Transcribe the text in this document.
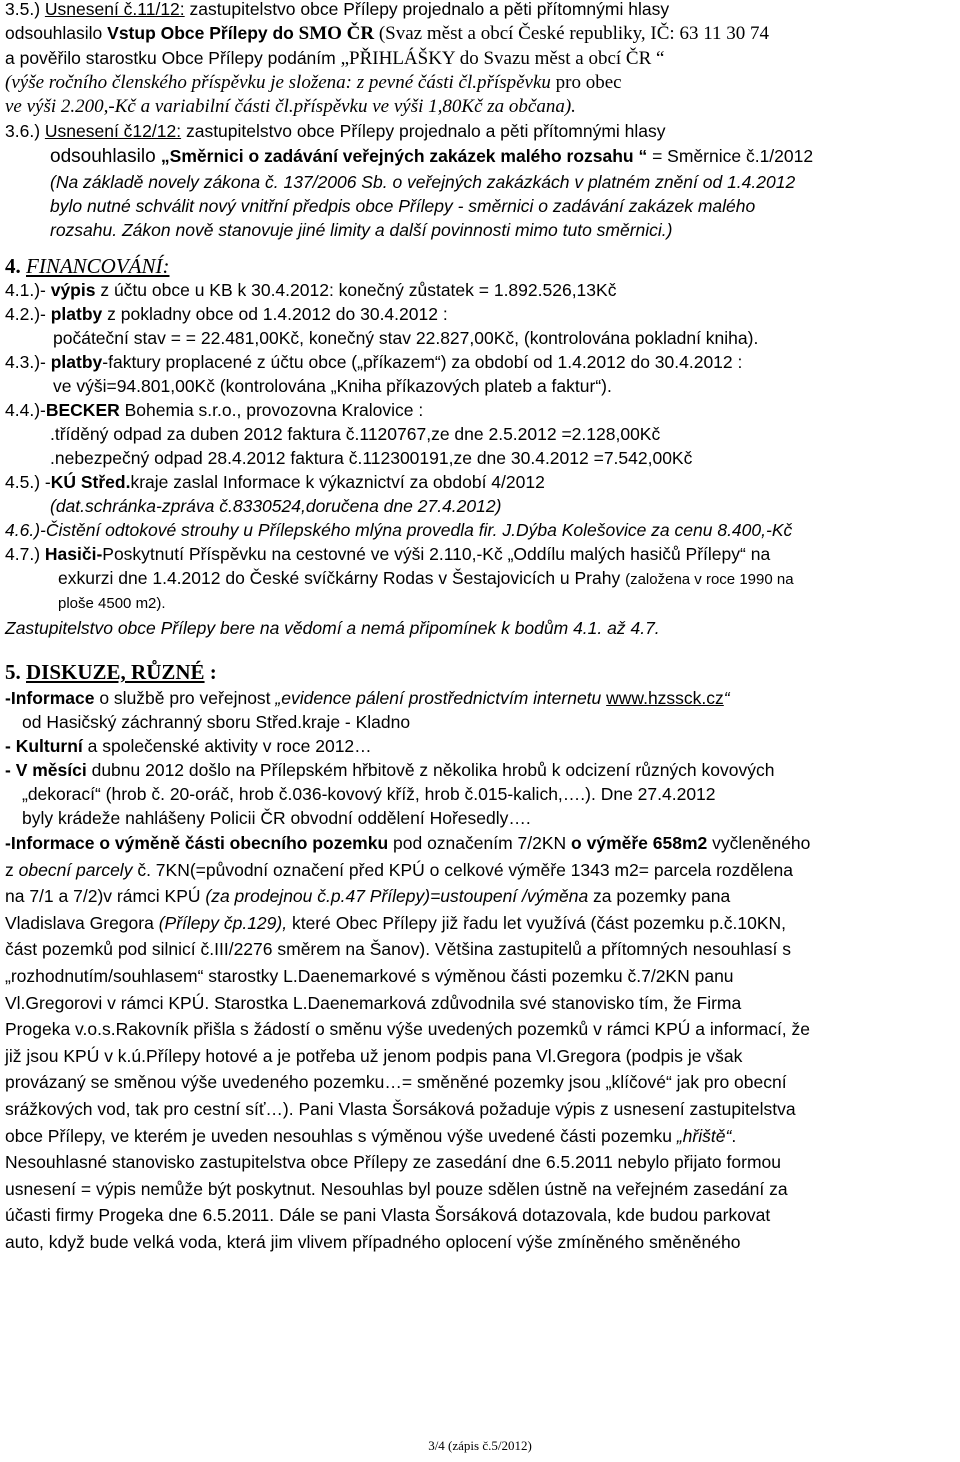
3.5.) Usnesení č.11/12: zastupitelstvo obce Přílepy projednalo a pěti přítomnými hlasy
odsouhlasilo Vstup Obce Přílepy do SMO ČR (Svaz měst a obcí České republiky, IČ: 63 11 30 74
a pověřilo starostku Obce Přílepy podáním „PŘIHLÁŠKY do Svazu měst a obcí ČR “
(výše ročního členského příspěvku je složena: z pevné části čl.příspěvku pro obec
ve výši 2.200,-Kč a variabilní části čl.příspěvku ve výši 1,80Kč za občana).
3.6.) Usnesení č12/12: zastupitelstvo obce Přílepy projednalo a pěti přítomnými hlasy
odsouhlasilo „Směrnici o zadávání veřejných zakázek malého rozsahu “ = Směrnice č.1/2012
(Na základě novely zákona č. 137/2006 Sb. o veřejných zakázkách v platném znění od 1.4.2012
bylo nutné schválit nový vnitřní předpis obce Přílepy - směrnici o zadávání zakázek malého
rozsahu. Zákon nově stanovuje jiné limity a další povinnosti mimo tuto směrnici.)
4. FINANCOVÁNÍ:
4.1.)- výpis z účtu obce u KB k 30.4.2012: konečný zůstatek = 1.892.526,13Kč
4.2.)- platby z pokladny obce od 1.4.2012 do 30.4.2012 :
počáteční stav = = 22.481,00Kč, konečný stav 22.827,00Kč, (kontrolována pokladní kniha).
4.3.)- platby-faktury proplacené z účtu obce („příkazem“) za období od 1.4.2012 do 30.4.2012 :
ve výši=94.801,00Kč (kontrolována „Kniha příkazových plateb a faktur“).
4.4.)-BECKER Bohemia s.r.o., provozovna Kralovice :
.tříděný odpad za duben 2012 faktura č.1120767,ze dne 2.5.2012 =2.128,00Kč
.nebezpečný odpad 28.4.2012 faktura č.112300191,ze dne 30.4.2012 =7.542,00Kč
4.5.) -KÚ Střed.kraje zaslal Informace k výkaznictví za období 4/2012
(dat.schránka-zpráva č.8330524,doručena dne 27.4.2012)
4.6.)-Čistění odtokové strouhy u Přílepského mlýna provedla fir. J.Dýba Kolešovice za cenu 8.400,-Kč
4.7.) Hasiči-Poskytnutí Příspěvku na cestovné ve výši 2.110,-Kč „Oddílu malých hasičů Přílepy“ na
exkurzi dne 1.4.2012 do České svíčkárny Rodas v Šestajovicích u Prahy (založena v roce 1990 na
ploše 4500 m2).
Zastupitelstvo obce Přílepy bere na vědomí a nemá připomínek k bodům 4.1. až 4.7.
5. DISKUZE, RŮZNÉ :
-Informace o službě pro veřejnost „evidence pálení prostřednictvím internetu www.hzssck.cz“
od Hasičský záchranný sboru Střed.kraje - Kladno
- Kulturní a společenské aktivity v roce 2012…
- V měsíci dubnu 2012 došlo na Přílepském hřbitově z několika hrobů k odcizení různých kovových
„dekorací“ (hrob č. 20-oráč, hrob č.036-kovový kříž, hrob č.015-kalich,….). Dne 27.4.2012
byly krádeže nahlášeny Policii ČR obvodní oddělení Hořesedly….
-Informace o výměně části obecního pozemku pod označením 7/2KN o výměře 658m2 vyčleněného
z obecní parcely č. 7KN(=původní označení před KPÚ o celkové výměře 1343 m2= parcela rozdělena
na 7/1 a 7/2)v rámci KPÚ (za prodejnou č.p.47 Přílepy)=ustoupení /výměna za pozemky pana
Vladislava Gregora (Přílepy čp.129), které Obec Přílepy již řadu let využívá (část pozemku p.č.10KN,
část pozemků pod silnicí č.III/2276 směrem na Šanov). Většina zastupitelů a přítomných nesouhlasí s
„rozhodnutím/souhlasem“ starostky L.Daenemarkové s výměnou části pozemku č.7/2KN panu
Vl.Gregorovi v rámci KPÚ. Starostka L.Daenemarková zdůvodnila své stanovisko tím, že Firma
Progeka v.o.s.Rakovník přišla s žádostí o směnu výše uvedených pozemků v rámci KPÚ a informací, že
již jsou KPÚ v k.ú.Přílepy hotové a je potřeba už jenom podpis pana Vl.Gregora (podpis je však
provázaný se směnou výše uvedeného pozemku…= směněné pozemky jsou „klíčové“ jak pro obecní
srážkových vod, tak pro cestní síť…). Pani Vlasta Šorsáková požaduje výpis z usnesení zastupitelstva
obce Přílepy, ve kterém je uveden nesouhlas s výměnou výše uvedené části pozemku „hřiště“.
Nesouhlasné stanovisko zastupitelstva obce Přílepy ze zasedání dne 6.5.2011 nebylo přijato formou
usnesení = výpis nemůže být poskytnut. Nesouhlas byl pouze sdělen ústně na veřejném zasedání za
účasti firmy Progeka dne 6.5.2011. Dále se pani Vlasta Šorsáková dotazovala, kde budou parkovat
auto, když bude velká voda, která jim vlivem případného oplocení výše zmíněného směněného
3/4 (zápis č.5/2012)
